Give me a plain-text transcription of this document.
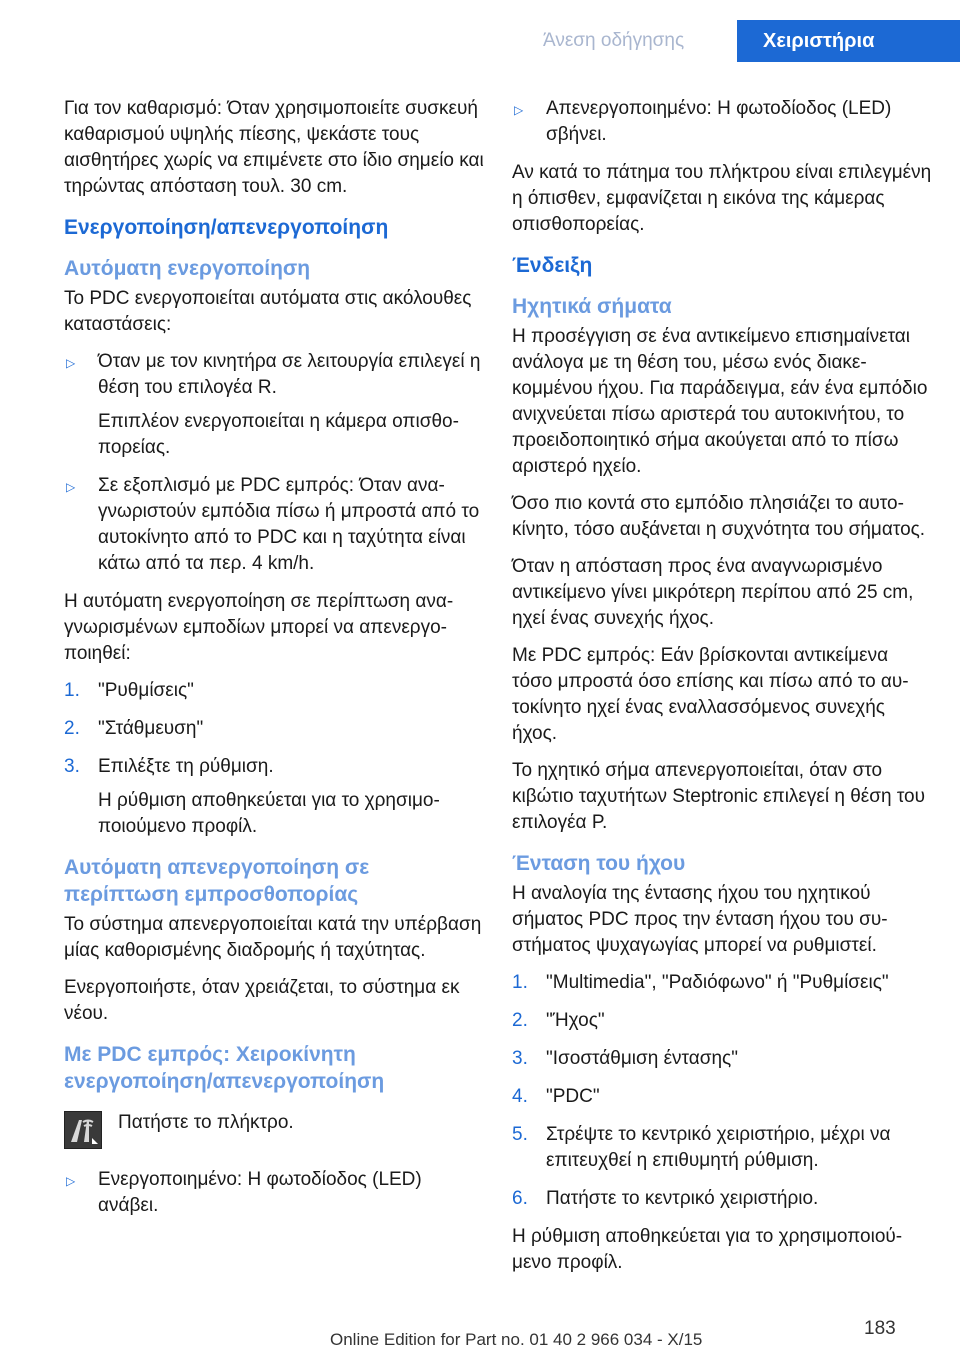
Άνεση οδήγησης	Χειριστήρια

Για τον καθαρισμό: Όταν χρησιμοποιείτε συσκευή καθαρισμού υψηλής πίεσης, ψεκάστε τους αισθητήρες χωρίς να επιμένετε στο ίδιο σημείο και τηρώντας απόσταση τουλ. 30 cm.

Ενεργοποίηση/απενεργοποίηση
Αυτόματη ενεργοποίηση

Το PDC ενεργοποιείται αυτόματα στις ακόλουθες καταστάσεις:

▷ Όταν με τον κινητήρα σε λειτουργία επιλεγεί η θέση του επιλογέα R.
Επιπλέον ενεργοποιείται η κάμερα οπισθοπορείας.
▷ Σε εξοπλισμό με PDC εμπρός: Όταν αναγνωριστούν εμπόδια πίσω ή μπροστά από το αυτοκίνητο από το PDC και η ταχύτητα είναι κάτω από τα περ. 4 km/h.

Η αυτόματη ενεργοποίηση σε περίπτωση αναγνωρισμένων εμποδίων μπορεί να απενεργοποιηθεί:

1. "Ρυθμίσεις"
2. "Στάθμευση"
3. Επιλέξτε τη ρύθμιση.
Η ρύθμιση αποθηκεύεται για το χρησιμοποιούμενο προφίλ.
Αυτόματη απενεργοποίηση σε περίπτωση εμπροσθοπορίας

Το σύστημα απενεργοποιείται κατά την υπέρβαση μίας καθορισμένης διαδρομής ή ταχύτητας.

Ενεργοποιήστε, όταν χρειάζεται, το σύστημα εκ νέου.

Με PDC εμπρός: Χειροκίνητη ενεργοποίηση/απενεργοποίηση
Πατήστε το πλήκτρο.
▷ Ενεργοποιημένο: Η φωτοδίοδος (LED) ανάβει.
▷ Απενεργοποιημένο: Η φωτοδίοδος (LED) σβήνει.

Αν κατά το πάτημα του πλήκτρου είναι επιλεγμένη η όπισθεν, εμφανίζεται η εικόνα της κάμερας οπισθοπορείας.

Ένδειξη
Ηχητικά σήματα

Η προσέγγιση σε ένα αντικείμενο επισημαίνεται ανάλογα με τη θέση του, μέσω ενός διακεκομμένου ήχου. Για παράδειγμα, εάν ένα εμπόδιο ανιχνεύεται πίσω αριστερά του αυτοκινήτου, το προειδοποιητικό σήμα ακούγεται από το πίσω αριστερό ηχείο.

Όσο πιο κοντά στο εμπόδιο πλησιάζει το αυτοκίνητο, τόσο αυξάνεται η συχνότητα του σήματος.

Όταν η απόσταση προς ένα αναγνωρισμένο αντικείμενο γίνει μικρότερη περίπου από 25 cm, ηχεί ένας συνεχής ήχος.

Με PDC εμπρός: Εάν βρίσκονται αντικείμενα τόσο μπροστά όσο επίσης και πίσω από το αυτοκίνητο ηχεί ένας εναλλασσόμενος συνεχής ήχος.

Το ηχητικό σήμα απενεργοποιείται, όταν στο κιβώτιο ταχυτήτων Steptronic επιλεγεί η θέση του επιλογέα P.

Ένταση του ήχου

Η αναλογία της έντασης ήχου του ηχητικού σήματος PDC προς την ένταση ήχου του συστήματος ψυχαγωγίας μπορεί να ρυθμιστεί.

1. "Multimedia", "Ραδιόφωνο" ή "Ρυθμίσεις"
2. "Ήχος"
3. "Ισοστάθμιση έντασης"
4. "PDC"
5. Στρέψτε το κεντρικό χειριστήριο, μέχρι να επιτευχθεί η επιθυμητή ρύθμιση.
6. Πατήστε το κεντρικό χειριστήριο.

Η ρύθμιση αποθηκεύεται για το χρησιμοποιούμενο προφίλ.

183
Online Edition for Part no. 01 40 2 966 034 - X/15
